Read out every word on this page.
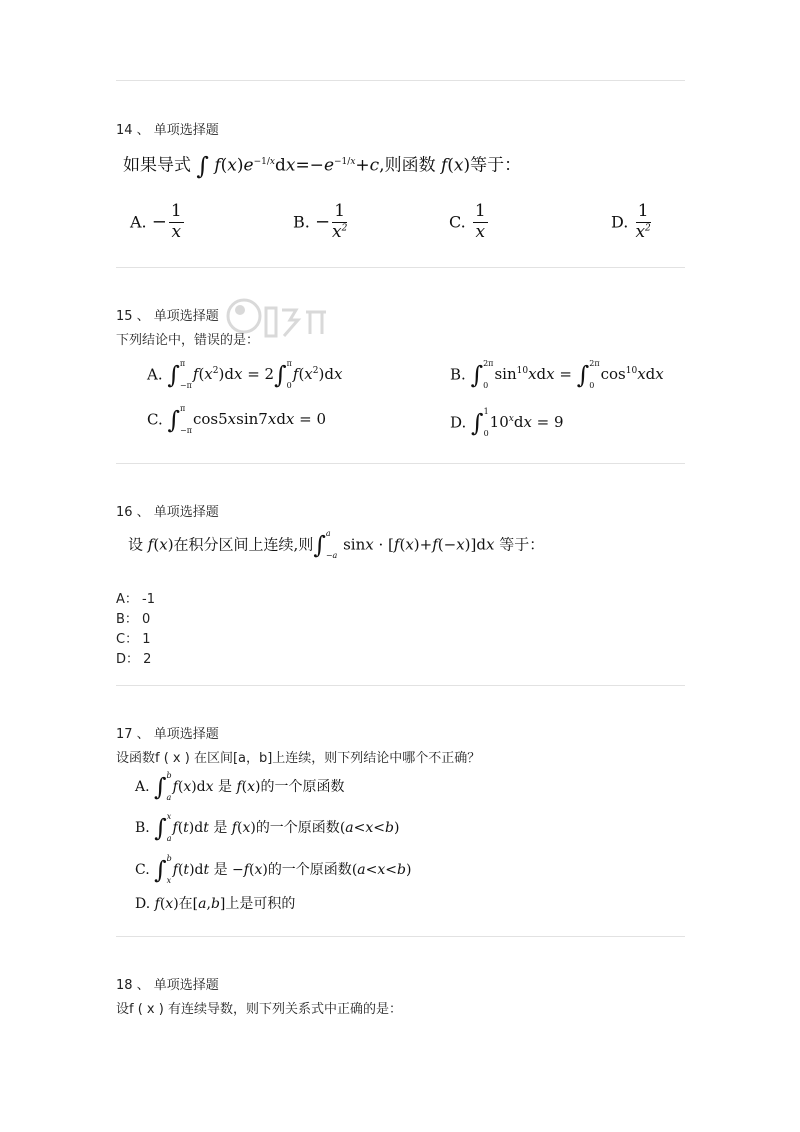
14 、 单项选择题
如果导式 ∫ $f(x)e^{-1/x}dx=-e^{-1/x}+c$,则函数 f(x)等于：
A. − $\frac{1}{x}$	B. − $\frac{1}{x^2}$	C. $\frac{1}{x}$	D. $\frac{1}{x^2}$
15 、 单项选择题
下列结论中，错误的是：
A. ∫ π
−π
$f(x^2)dx = 2\int$ π
0
$f(x^2)dx$	B. ∫ 2π
0
$\sin^{10}xdx$ = ∫ 2π
0
$\cos^{10}xdx$
C. ∫ π
−π
cos5xsin7xdx = 0	D. ∫ 1
0
$10^xdx = 9$
16 、 单项选择题
设 f(x)在积分区间上连续,则∫ a
−a
sinx · [f(x)+f(−x)]dx 等于：
A： -1
B： 0
C： 1
D： 2
17 、 单项选择题
设函数f ( x ) 在区间[a，b]上连续，则下列结论中哪个不正确？
A. ∫ b
a
f(x)dx 是 f(x)的一个原函数
B. ∫ x
a
f(t)dt 是 f(x)的一个原函数(a<x<b)
C. ∫ b
x
f(t)dt 是 −f(x)的一个原函数(a<x<b)
D. f(x)在[a,b]上是可积的
18 、 单项选择题
设f ( x ) 有连续导数，则下列关系式中正确的是：
